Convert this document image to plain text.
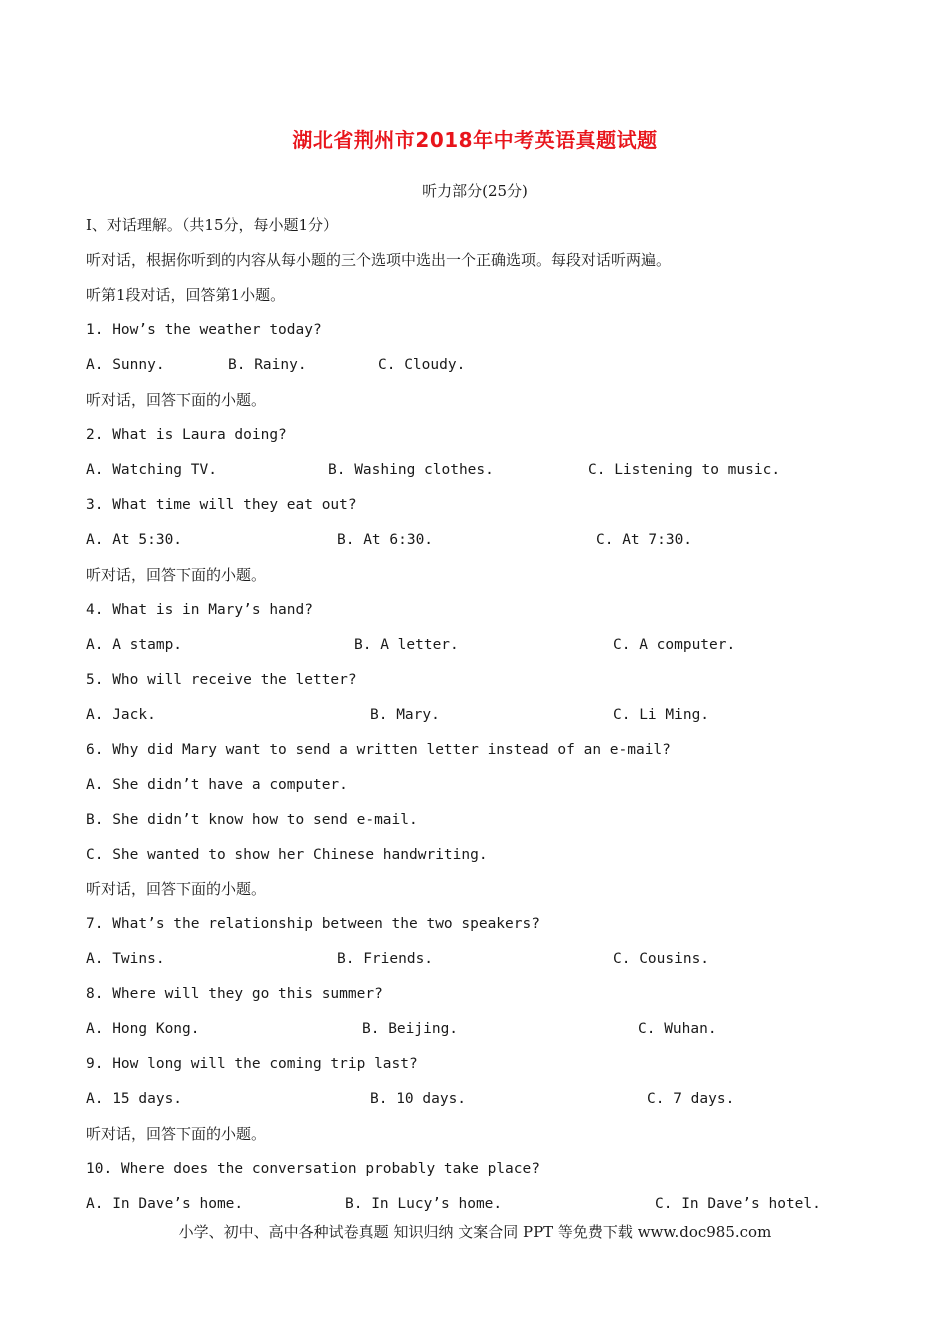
湖北省荆州市2018年中考英语真题试题
听力部分(25分)
I、对话理解。（共15分，每小题1分）
听对话，根据你听到的内容从每小题的三个选项中选出一个正确选项。每段对话听两遍。
听第1段对话，回答第1小题。
1. How’s the weather today?
A. Sunny.	B. Rainy.	C. Cloudy.
听对话，回答下面的小题。
2. What is Laura doing?
A. Watching TV.	B. Washing clothes.	C. Listening to music.
3. What time will they eat out?
A. At 5:30.	B. At 6:30.	C. At 7:30.
听对话，回答下面的小题。
4. What is in Mary’s hand?
A. A stamp.	B. A letter.	C. A computer.
5. Who will receive the letter?
A. Jack.	B. Mary.	C. Li Ming.
6. Why did Mary want to send a written letter instead of an e-mail?
A. She didn’t have a computer.
B. She didn’t know how to send e-mail.
C. She wanted to show her Chinese handwriting.
听对话，回答下面的小题。
7. What’s the relationship between the two speakers?
A. Twins.	B. Friends.	C. Cousins.
8. Where will they go this summer?
A. Hong Kong.	B. Beijing.	C. Wuhan.
9. How long will the coming trip last?
A. 15 days.	B. 10 days.	C. 7 days.
听对话，回答下面的小题。
10. Where does the conversation probably take place?
A. In Dave’s home.	B. In Lucy’s home.	C. In Dave’s hotel.
小学、初中、高中各种试卷真题 知识归纳 文案合同 PPT 等免费下载 www.doc985.com
